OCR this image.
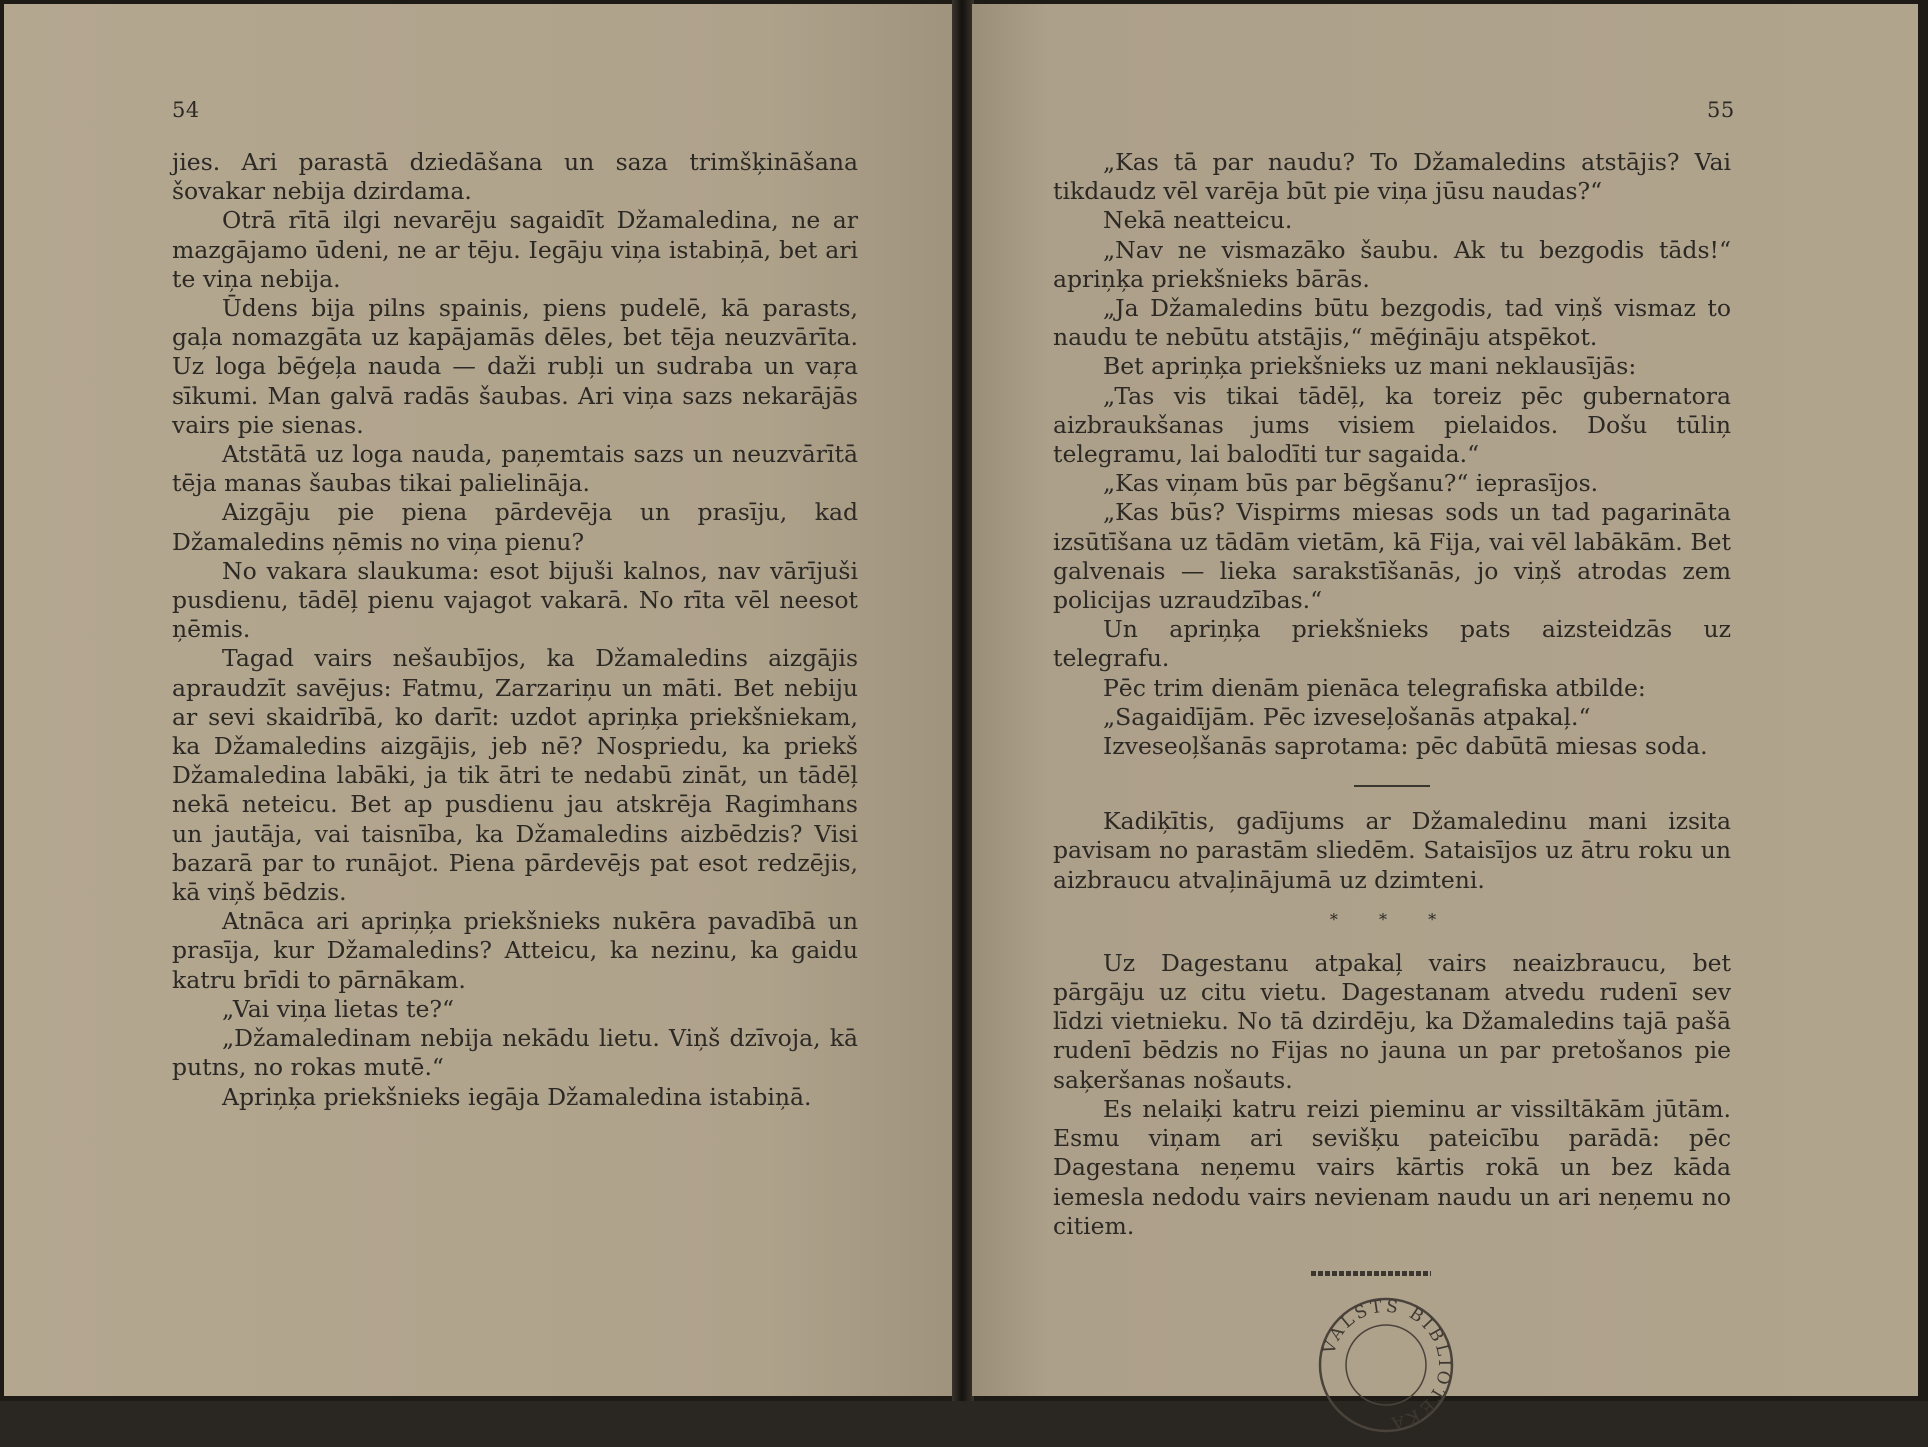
54

jies. Ari parastā dziedāšana un saza trimšķināšana šovakar nebija dzirdama.

Otrā rītā ilgi nevarēju sagaidīt Džamaledina, ne ar mazgājamo ūdeni, ne ar tēju. Iegāju viņa istabiņā, bet ari te viņa nebija.

Ūdens bija pilns spainis, piens pudelē, kā parasts, gaļa nomazgāta uz kapājamās dēles, bet tēja neuzvārīta. Uz loga bēģeļa nauda — daži rubļi un sudraba un vaŗa sīkumi. Man galvā radās šaubas. Ari viņa sazs nekarājās vairs pie sienas.

Atstātā uz loga nauda, paņemtais sazs un neuzvārītā tēja manas šaubas tikai palielināja.

Aizgāju pie piena pārdevēja un prasīju, kad Džamaledins ņēmis no viņa pienu?

No vakara slaukuma: esot bijuši kalnos, nav vārījuši pusdienu, tādēļ pienu vajagot vakarā. No rīta vēl neesot ņēmis.

Tagad vairs nešaubījos, ka Džamaledins aizgājis apraudzīt savējus: Fatmu, Zarzariņu un māti. Bet nebiju ar sevi skaidrībā, ko darīt: uzdot apriņķa priekšniekam, ka Džamaledins aizgājis, jeb nē? Nospriedu, ka priekš Džamaledina labāki, ja tik ātri te nedabū zināt, un tādēļ nekā neteicu. Bet ap pusdienu jau atskrēja Ragimhans un jautāja, vai taisnība, ka Džamaledins aizbēdzis? Visi bazarā par to runājot. Piena pārdevējs pat esot redzējis, kā viņš bēdzis.

Atnāca ari apriņķa priekšnieks nukēra pavadībā un prasīja, kur Džamaledins? Atteicu, ka nezinu, ka gaidu katru brīdi to pārnākam.

„Vai viņa lietas te?“

„Džamaledinam nebija nekādu lietu. Viņš dzīvoja, kā putns, no rokas mutē.“

Apriņķa priekšnieks iegāja Džamaledina istabiņā.

55

„Kas tā par naudu? To Džamaledins atstājis? Vai tikdaudz vēl varēja būt pie viņa jūsu naudas?“

Nekā neatteicu.

„Nav ne vismazāko šaubu. Ak tu bezgodis tāds!“ apriņķa priekšnieks bārās.

„Ja Džamaledins būtu bezgodis, tad viņš vismaz to naudu te nebūtu atstājis,“ mēģināju atspēkot.

Bet apriņķa priekšnieks uz mani neklausījās:

„Tas vis tikai tādēļ, ka toreiz pēc gubernatora aizbraukšanas jums visiem pielaidos. Došu tūliņ telegramu, lai balodīti tur sagaida.“

„Kas viņam būs par bēgšanu?“ ieprasījos.

„Kas būs? Vispirms miesas sods un tad pagarināta izsūtīšana uz tādām vietām, kā Fija, vai vēl labākām. Bet galvenais — lieka sarakstīšanās, jo viņš atrodas zem policijas uzraudzības.“

Un apriņķa priekšnieks pats aizsteidzās uz telegrafu.

Pēc trim dienām pienāca telegrafiska atbilde:

„Sagaidījām. Pēc izveseļošanās atpakaļ.“

Izveseoļšanās saprotama: pēc dabūtā miesas soda.

Kadiķītis, gadījums ar Džamaledinu mani izsita pavisam no parastām sliedēm. Sataisījos uz ātru roku un aizbraucu atvaļinājumā uz dzimteni.

* * *

Uz Dagestanu atpakaļ vairs neaizbraucu, bet pārgāju uz citu vietu. Dagestanam atvedu rudenī sev līdzi vietnieku. No tā dzirdēju, ka Džamaledins tajā pašā rudenī bēdzis no Fijas no jauna un par pretošanos pie saķeršanas nošauts.

Es nelaiķi katru reizi pieminu ar vissiltākām jūtām. Esmu viņam ari sevišķu pateicību parādā: pēc Dagestana neņemu vairs kārtis rokā un bez kāda iemesla nedodu vairs nevienam naudu un ari neņemu no citiem.

VALSTS BIBLIOTEKA
